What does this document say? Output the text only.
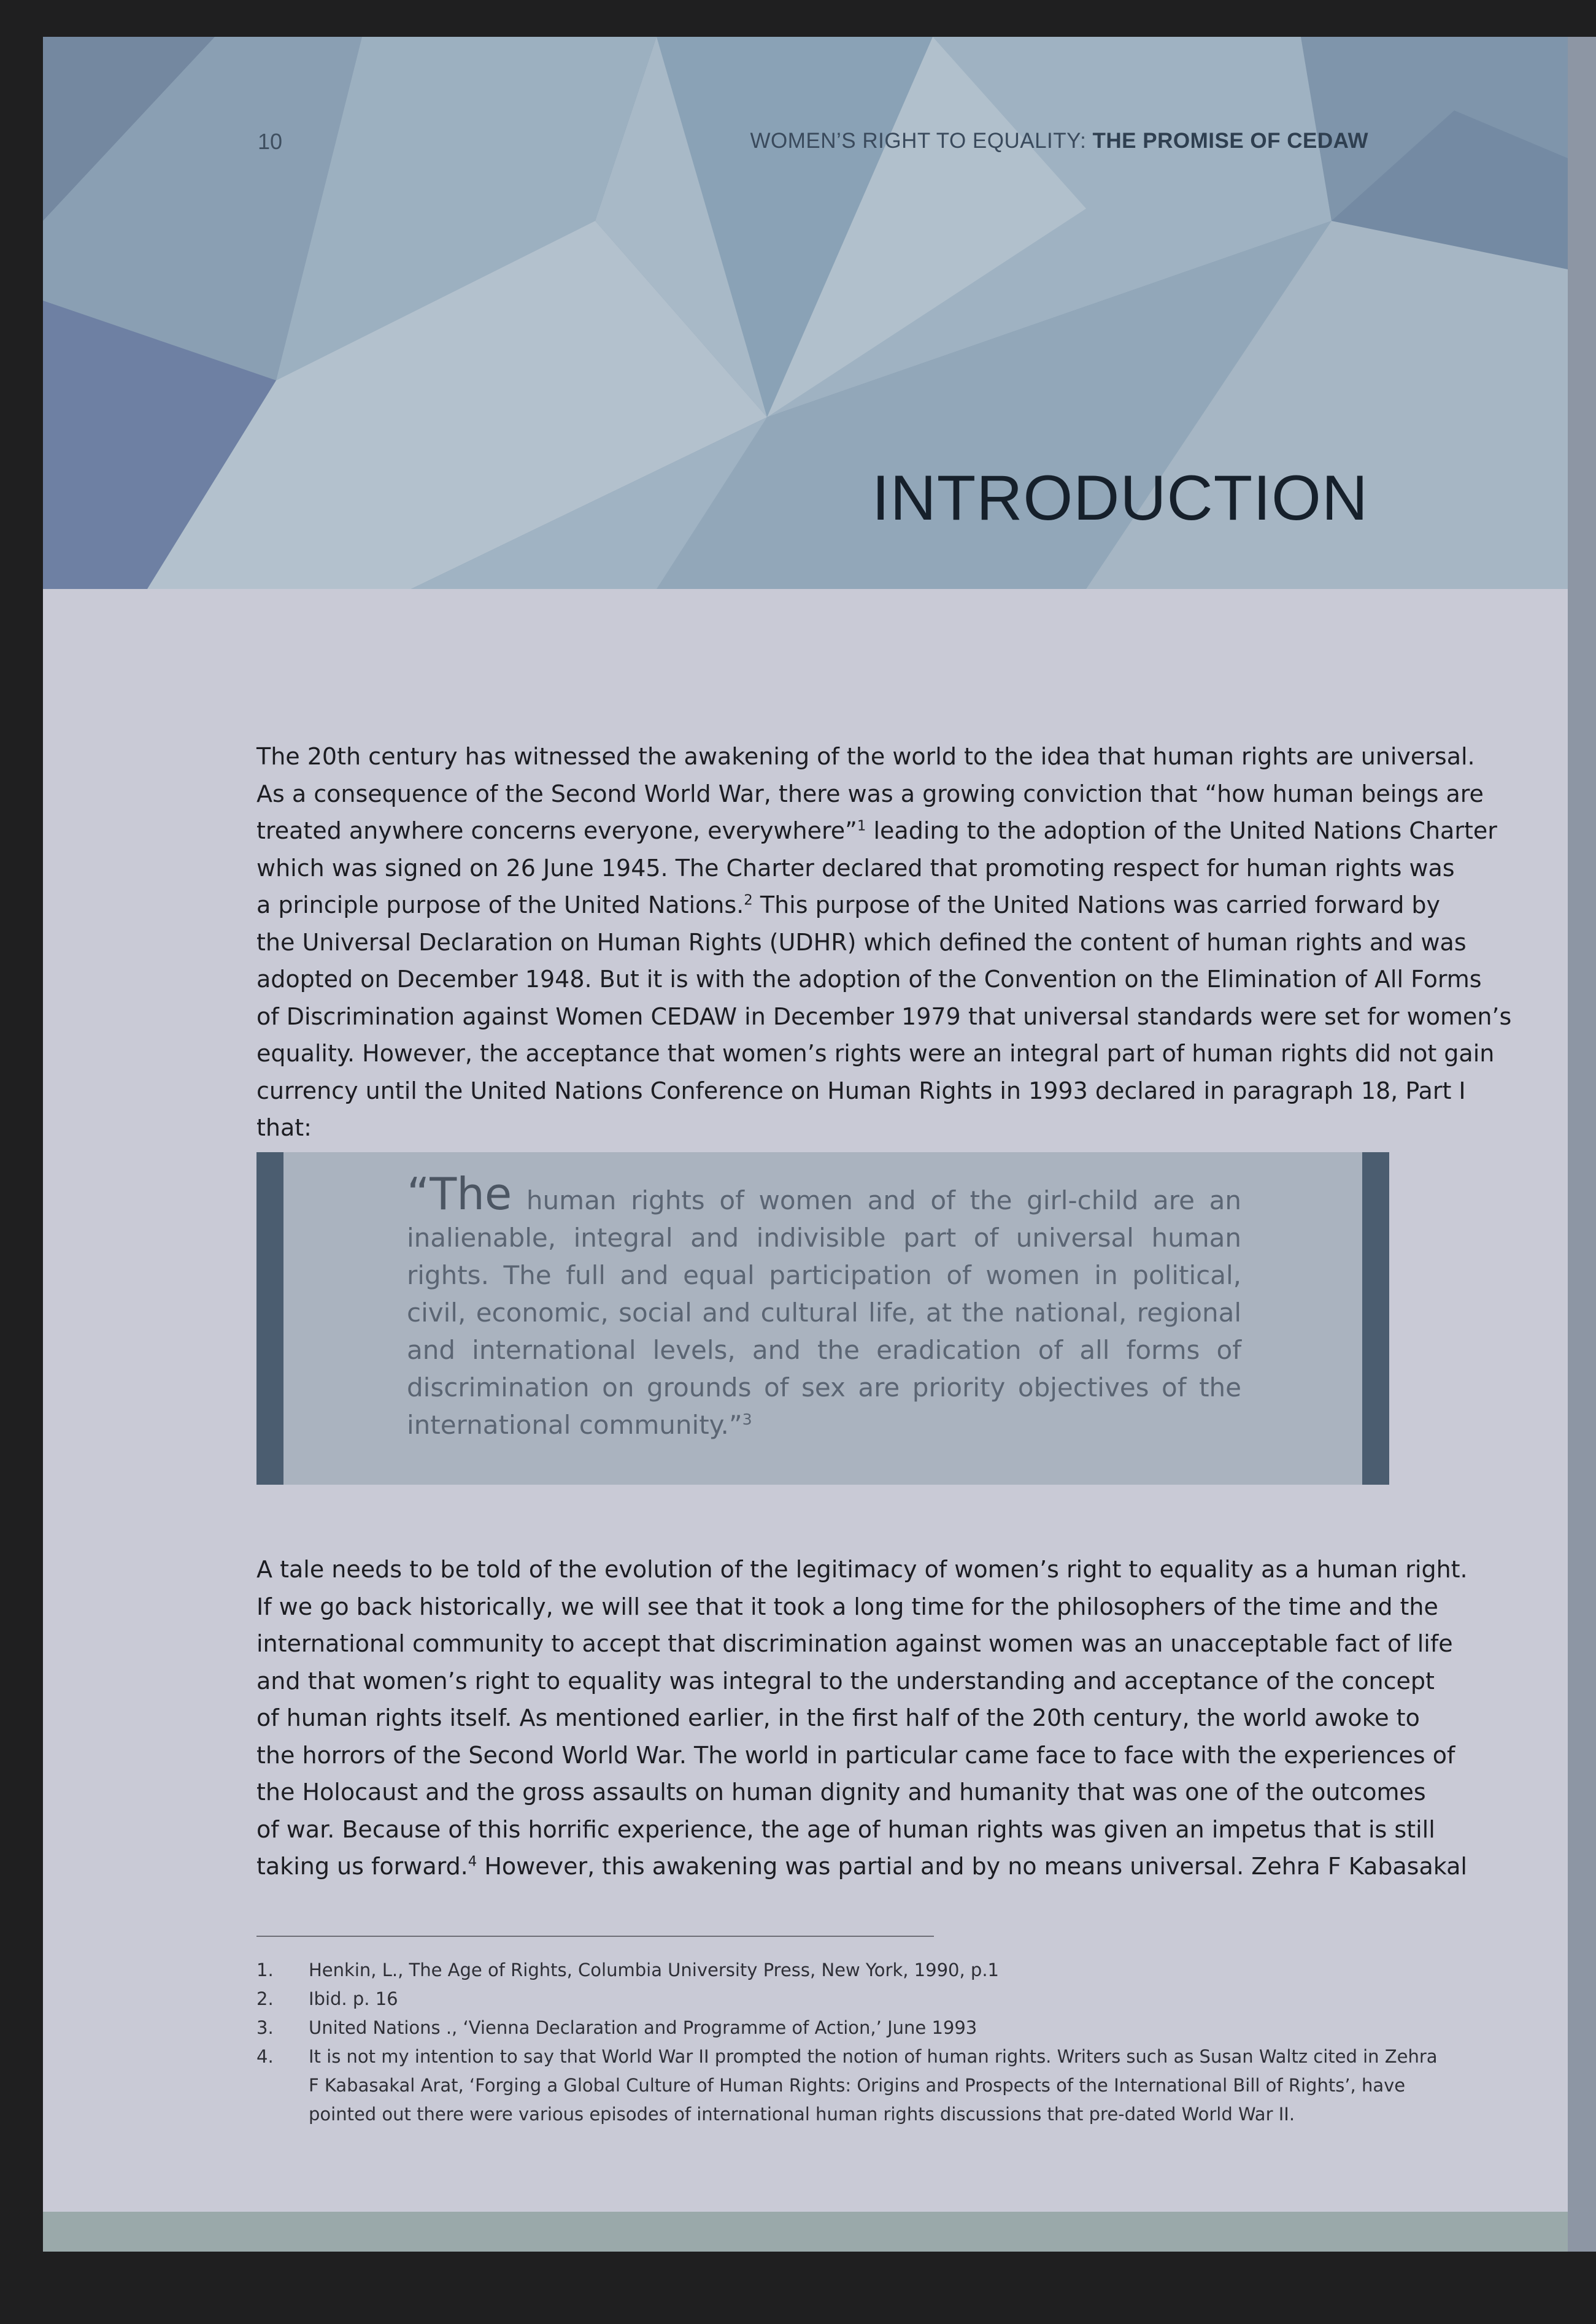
10	WOMEN’S RIGHT TO EQUALITY: THE PROMISE OF CEDAW
INTRODUCTION
The 20th century has witnessed the awakening of the world to the idea that human rights are universal.
As a consequence of the Second World War, there was a growing conviction that “how human beings are
treated anywhere concerns everyone, everywhere”$^1$ leading to the adoption of the United Nations Charter
which was signed on 26 June 1945. The Charter declared that promoting respect for human rights was
a principle purpose of the United Nations.$^2$ This purpose of the United Nations was carried forward by
the Universal Declaration on Human Rights (UDHR) which defined the content of human rights and was
adopted on December 1948. But it is with the adoption of the Convention on the Elimination of All Forms
of Discrimination against Women CEDAW in December 1979 that universal standards were set for women’s
equality. However, the acceptance that women’s rights were an integral part of human rights did not gain
currency until the United Nations Conference on Human Rights in 1993 declared in paragraph 18, Part I
that:
“The human rights of women and of the girl-child are an
inalienable, integral and indivisible part of universal human
rights. The full and equal participation of women in political,
civil, economic, social and cultural life, at the national, regional
and international levels, and the eradication of all forms of
discrimination on grounds of sex are priority objectives of the
international community.”$^3$
A tale needs to be told of the evolution of the legitimacy of women’s right to equality as a human right.
If we go back historically, we will see that it took a long time for the philosophers of the time and the
international community to accept that discrimination against women was an unacceptable fact of life
and that women’s right to equality was integral to the understanding and acceptance of the concept
of human rights itself. As mentioned earlier, in the first half of the 20th century, the world awoke to
the horrors of the Second World War. The world in particular came face to face with the experiences of
the Holocaust and the gross assaults on human dignity and humanity that was one of the outcomes
of war. Because of this horrific experience, the age of human rights was given an impetus that is still
taking us forward.$^4$ However, this awakening was partial and by no means universal. Zehra F Kabasakal
1. Henkin, L., The Age of Rights, Columbia University Press, New York, 1990, p.1
2. Ibid. p. 16
3. United Nations ., ‘Vienna Declaration and Programme of Action,’ June 1993
4. It is not my intention to say that World War II prompted the notion of human rights. Writers such as Susan Waltz cited in Zehra
F Kabasakal Arat, ‘Forging a Global Culture of Human Rights: Origins and Prospects of the International Bill of Rights’, have
pointed out there were various episodes of international human rights discussions that pre-dated World War II.
